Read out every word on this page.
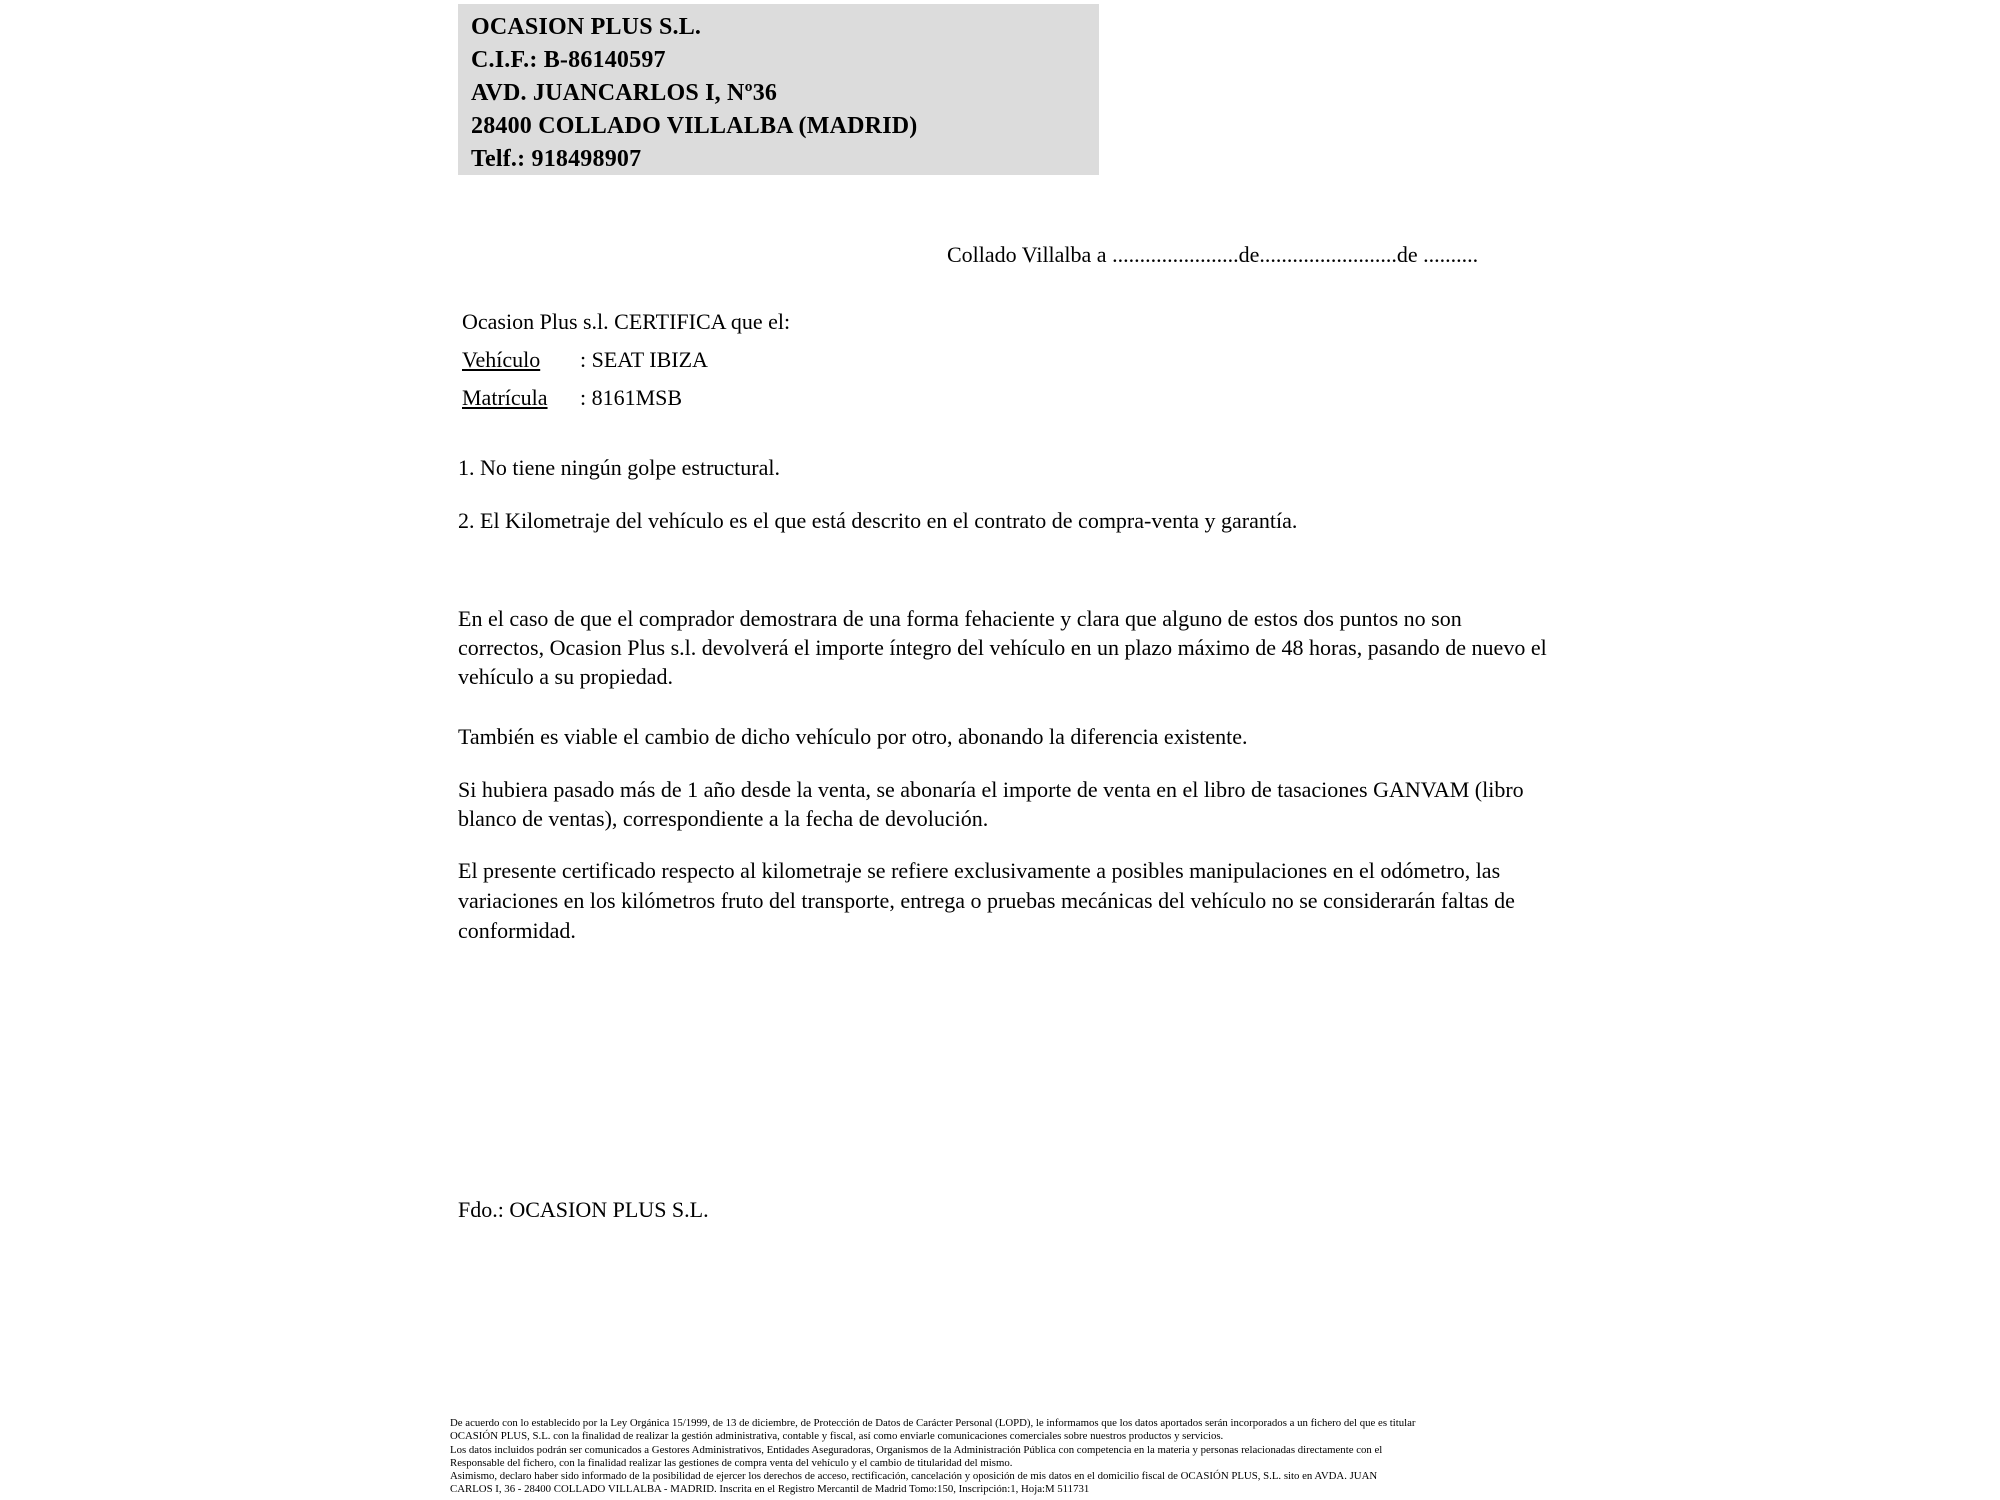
OCASION PLUS S.L.
C.I.F.: B-86140597
AVD. JUANCARLOS I, Nº36
28400 COLLADO VILLALBA (MADRID)
Telf.: 918498907
Collado Villalba a .......................de.........................de ..........
Ocasion Plus s.l. CERTIFICA que el:
Vehículo : SEAT IBIZA
Matrícula : 8161MSB
1. No tiene ningún golpe estructural.
2. El Kilometraje del vehículo es el que está descrito en el contrato de compra-venta y garantía.
En el caso de que el comprador demostrara de una forma fehaciente y clara que alguno de estos dos puntos no son correctos, Ocasion Plus s.l. devolverá el importe íntegro del vehículo en un plazo máximo de 48 horas, pasando de nuevo el vehículo a su propiedad.
También es viable el cambio de dicho vehículo por otro, abonando la diferencia existente.
Si hubiera pasado más de 1 año desde la venta, se abonaría el importe de venta en el libro de tasaciones GANVAM (libro blanco de ventas), correspondiente a la fecha de devolución.
El presente certificado respecto al kilometraje se refiere exclusivamente a posibles manipulaciones en el odómetro, las variaciones en los kilómetros fruto del transporte, entrega o pruebas mecánicas del vehículo no se considerarán faltas de conformidad.
Fdo.: OCASION PLUS S.L.
De acuerdo con lo establecido por la Ley Orgánica 15/1999, de 13 de diciembre, de Protección de Datos de Carácter Personal (LOPD), le informamos que los datos aportados serán incorporados a un fichero del que es titular
OCASIÓN PLUS, S.L. con la finalidad de realizar la gestión administrativa, contable y fiscal, así como enviarle comunicaciones comerciales sobre nuestros productos y servicios.
Los datos incluidos podrán ser comunicados a Gestores Administrativos, Entidades Aseguradoras, Organismos de la Administración Pública con competencia en la materia y personas relacionadas directamente con el
Responsable del fichero, con la finalidad realizar las gestiones de compra venta del vehículo y el cambio de titularidad del mismo.
Asimismo, declaro haber sido informado de la posibilidad de ejercer los derechos de acceso, rectificación, cancelación y oposición de mis datos en el domicilio fiscal de OCASIÓN PLUS, S.L. sito en AVDA. JUAN
CARLOS I, 36 - 28400 COLLADO VILLALBA - MADRID. Inscrita en el Registro Mercantil de Madrid Tomo:150, Inscripción:1, Hoja:M 511731
